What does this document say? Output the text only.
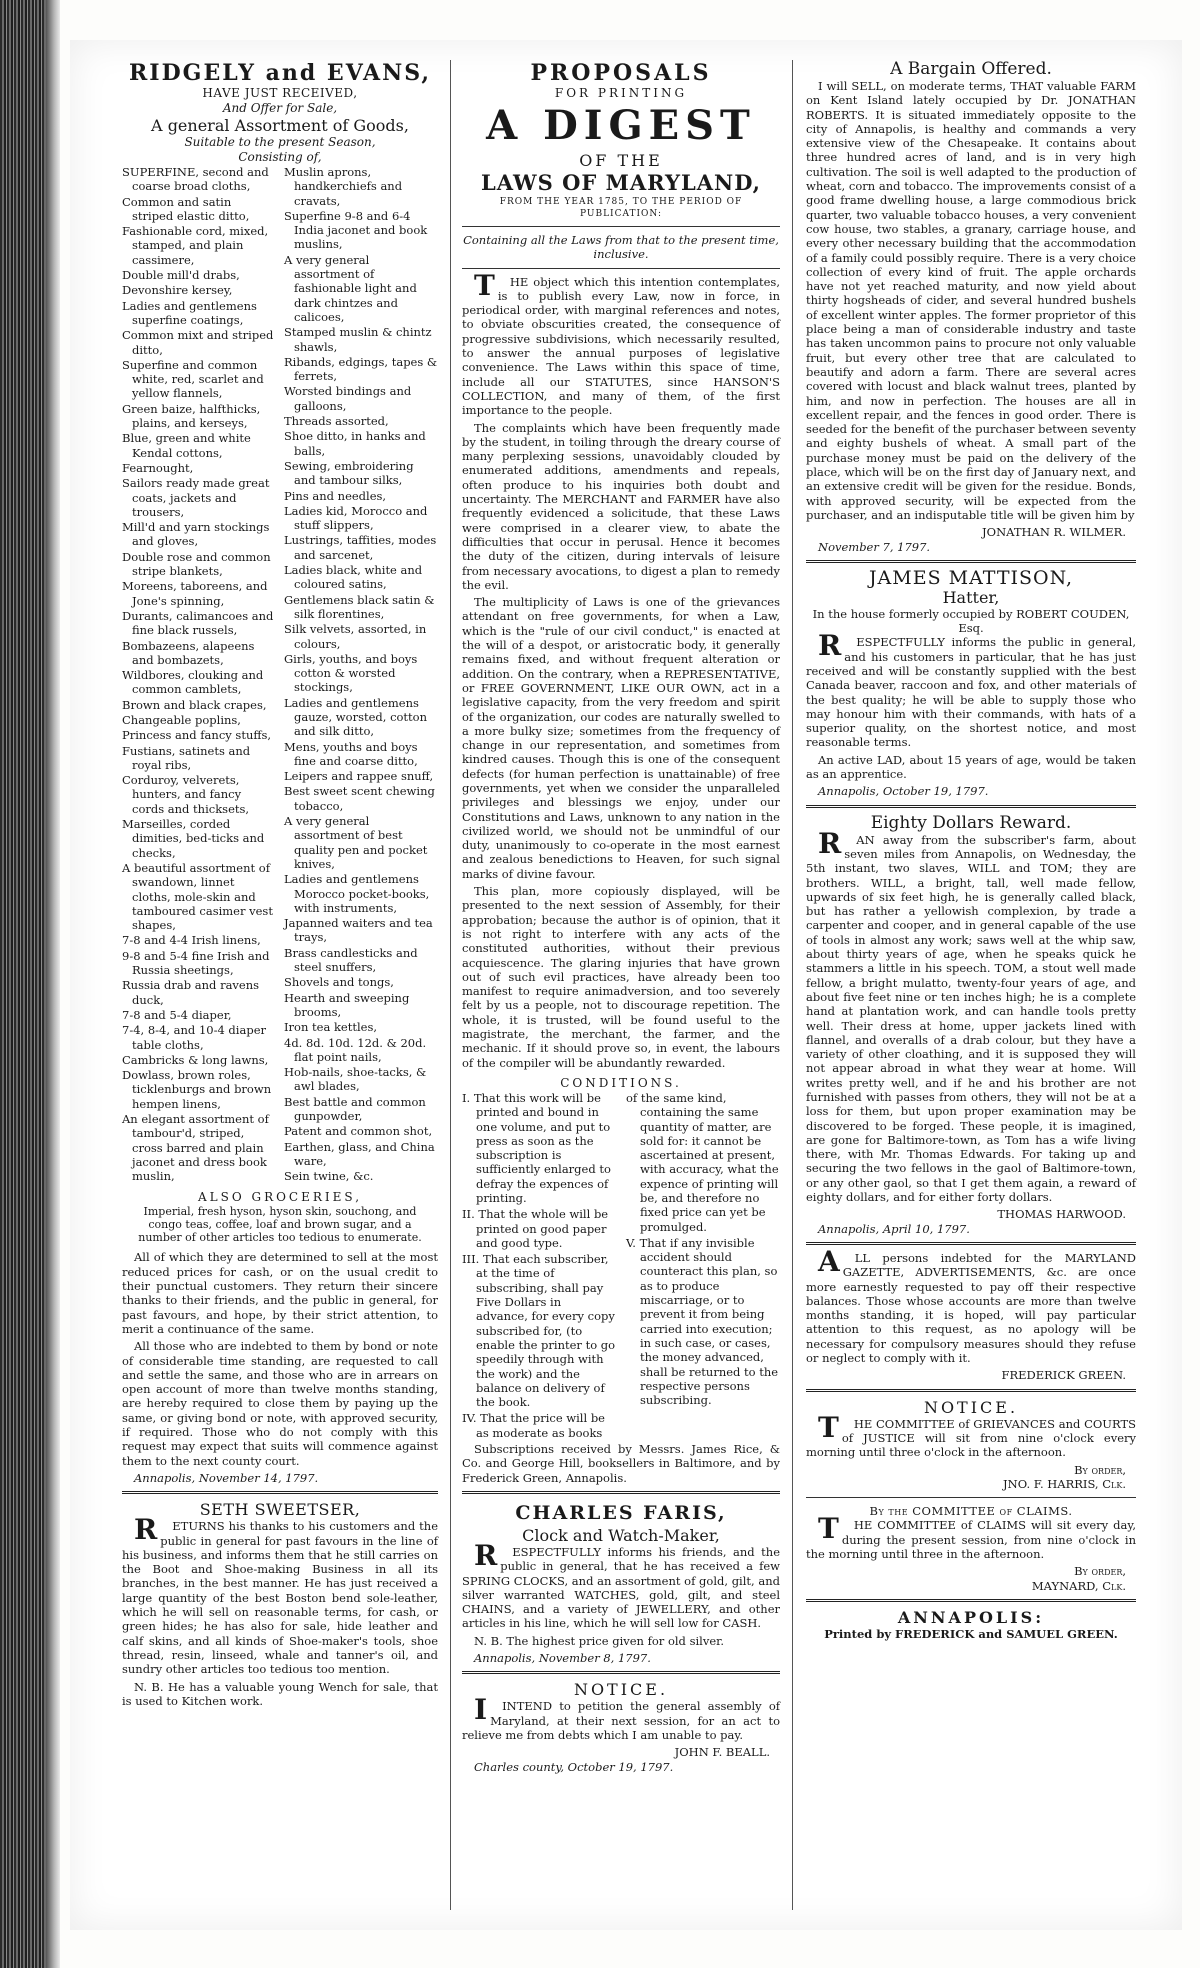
RIDGELY and EVANS,
HAVE JUST RECEIVED,
And Offer for Sale,
A general Assortment of Goods,
Suitable to the present Season,
Consisting of,
SUPERFINE, second and coarse broad cloths,
Common and satin striped elastic ditto,
Fashionable cord, mixed, stamped, and plain cassimere,
Double mill'd drabs,
Devonshire kersey,
Ladies and gentlemens superfine coatings,
Common mixt and striped ditto,
Superfine and common white, red, scarlet and yellow flannels,
Green baize, halfthicks, plains, and kerseys,
Blue, green and white Kendal cottons,
Fearnought,
Sailors ready made great coats, jackets and trousers,
Mill'd and yarn stockings and gloves,
Double rose and common stripe blankets,
Moreens, taboreens, and Jone's spinning,
Durants, calimancoes and fine black russels,
Bombazeens, alapeens and bombazets,
Wildbores, clouking and common camblets,
Brown and black crapes,
Changeable poplins,
Princess and fancy stuffs,
Fustians, satinets and royal ribs,
Corduroy, velverets, hunters, and fancy cords and thicksets,
Marseilles, corded dimities, bed-ticks and checks,
A beautiful assortment of swandown, linnet cloths, mole-skin and tamboured casimer vest shapes,
7-8 and 4-4 Irish linens,
9-8 and 5-4 fine Irish and Russia sheetings,
Russia drab and ravens duck,
7-8 and 5-4 diaper,
7-4, 8-4, and 10-4 diaper table cloths,
Cambricks & long lawns,
Dowlass, brown roles, ticklenburgs and brown hempen linens,
An elegant assortment of tambour'd, striped, cross barred and plain jaconet and dress book muslin,
Muslin aprons, handkerchiefs and cravats,
Superfine 9-8 and 6-4 India jaconet and book muslins,
A very general assortment of fashionable light and dark chintzes and calicoes,
Stamped muslin & chintz shawls,
Ribands, edgings, tapes & ferrets,
Worsted bindings and galloons,
Threads assorted,
Shoe ditto, in hanks and balls,
Sewing, embroidering and tambour silks,
Pins and needles,
Ladies kid, Morocco and stuff slippers,
Lustrings, taffities, modes and sarcenet,
Ladies black, white and coloured satins,
Gentlemens black satin & silk florentines,
Silk velvets, assorted, in colours,
Girls, youths, and boys cotton & worsted stockings,
Ladies and gentlemens gauze, worsted, cotton and silk ditto,
Mens, youths and boys fine and coarse ditto,
Leipers and rappee snuff,
Best sweet scent chewing tobacco,
A very general assortment of best quality pen and pocket knives,
Ladies and gentlemens Morocco pocket-books, with instruments,
Japanned waiters and tea trays,
Brass candlesticks and steel snuffers,
Shovels and tongs,
Hearth and sweeping brooms,
Iron tea kettles,
4d. 8d. 10d. 12d. & 20d. flat point nails,
Hob-nails, shoe-tacks, & awl blades,
Best battle and common gunpowder,
Patent and common shot,
Earthen, glass, and China ware,
Sein twine, &c.
ALSO GROCERIES,
Imperial, fresh hyson, hyson skin, souchong, and congo teas, coffee, loaf and brown sugar, and a number of other articles too tedious to enumerate.

All of which they are determined to sell at the most reduced prices for cash, or on the usual credit to their punctual customers. They return their sincere thanks to their friends, and the public in general, for past favours, and hope, by their strict attention, to merit a continuance of the same.

All those who are indebted to them by bond or note of considerable time standing, are requested to call and settle the same, and those who are in arrears on open account of more than twelve months standing, are hereby required to close them by paying up the same, or giving bond or note, with approved security, if required. Those who do not comply with this request may expect that suits will commence against them to the next county court.

Annapolis, November 14, 1797.
SETH SWEETSER,

RETURNS his thanks to his customers and the public in general for past favours in the line of his business, and informs them that he still carries on the Boot and Shoe-making Business in all its branches, in the best manner. He has just received a large quantity of the best Boston bend sole-leather, which he will sell on reasonable terms, for cash, or green hides; he has also for sale, hide leather and calf skins, and all kinds of Shoe-maker's tools, shoe thread, resin, linseed, whale and tanner's oil, and sundry other articles too tedious too mention.

N. B. He has a valuable young Wench for sale, that is used to Kitchen work.

PROPOSALS
FOR PRINTING
A DIGEST
OF THE
LAWS OF MARYLAND,
FROM THE YEAR 1785, TO THE PERIOD OF PUBLICATION:
Containing all the Laws from that to the present time, inclusive.

THE object which this intention contemplates, is to publish every Law, now in force, in periodical order, with marginal references and notes, to obviate obscurities created, the consequence of progressive subdivisions, which necessarily resulted, to answer the annual purposes of legislative convenience. The Laws within this space of time, include all our STATUTES, since HANSON'S COLLECTION, and many of them, of the first importance to the people.

The complaints which have been frequently made by the student, in toiling through the dreary course of many perplexing sessions, unavoidably clouded by enumerated additions, amendments and repeals, often produce to his inquiries both doubt and uncertainty. The MERCHANT and FARMER have also frequently evidenced a solicitude, that these Laws were comprised in a clearer view, to abate the difficulties that occur in perusal. Hence it becomes the duty of the citizen, during intervals of leisure from necessary avocations, to digest a plan to remedy the evil.

The multiplicity of Laws is one of the grievances attendant on free governments, for when a Law, which is the "rule of our civil conduct," is enacted at the will of a despot, or aristocratic body, it generally remains fixed, and without frequent alteration or addition. On the contrary, when a REPRESENTATIVE, or FREE GOVERNMENT, LIKE OUR OWN, act in a legislative capacity, from the very freedom and spirit of the organization, our codes are naturally swelled to a more bulky size; sometimes from the frequency of change in our representation, and sometimes from kindred causes. Though this is one of the consequent defects (for human perfection is unattainable) of free governments, yet when we consider the unparalleled privileges and blessings we enjoy, under our Constitutions and Laws, unknown to any nation in the civilized world, we should not be unmindful of our duty, unanimously to co-operate in the most earnest and zealous benedictions to Heaven, for such signal marks of divine favour.

This plan, more copiously displayed, will be presented to the next session of Assembly, for their approbation; because the author is of opinion, that it is not right to interfere with any acts of the constituted authorities, without their previous acquiescence. The glaring injuries that have grown out of such evil practices, have already been too manifest to require animadversion, and too severely felt by us a people, not to discourage repetition. The whole, it is trusted, will be found useful to the magistrate, the merchant, the farmer, and the mechanic. If it should prove so, in event, the labours of the compiler will be abundantly rewarded.

CONDITIONS.

I. That this work will be printed and bound in one volume, and put to press as soon as the subscription is sufficiently enlarged to defray the expences of printing.

II. That the whole will be printed on good paper and good type.

III. That each subscriber, at the time of subscribing, shall pay Five Dollars in advance, for every copy subscribed for, (to enable the printer to go speedily through with the work) and the balance on delivery of the book.

IV. That the price will be as moderate as books

of the same kind, containing the same quantity of matter, are sold for: it cannot be ascertained at present, with accuracy, what the expence of printing will be, and therefore no fixed price can yet be promulged.

V. That if any invisible accident should counteract this plan, so as to produce miscarriage, or to prevent it from being carried into execution; in such case, or cases, the money advanced, shall be returned to the respective persons subscribing.

Subscriptions received by Messrs. James Rice, & Co. and George Hill, booksellers in Baltimore, and by Frederick Green, Annapolis.

CHARLES FARIS,
Clock and Watch-Maker,

RESPECTFULLY informs his friends, and the public in general, that he has received a few SPRING CLOCKS, and an assortment of gold, gilt, and silver warranted WATCHES, gold, gilt, and steel CHAINS, and a variety of JEWELLERY, and other articles in his line, which he will sell low for CASH.

N. B. The highest price given for old silver.

Annapolis, November 8, 1797.
NOTICE.

IINTEND to petition the general assembly of Maryland, at their next session, for an act to relieve me from debts which I am unable to pay.

JOHN F. BEALL.
Charles county, October 19, 1797.
A Bargain Offered.

I will SELL, on moderate terms, THAT valuable FARM on Kent Island lately occupied by Dr. JONATHAN ROBERTS. It is situated immediately opposite to the city of Annapolis, is healthy and commands a very extensive view of the Chesapeake. It contains about three hundred acres of land, and is in very high cultivation. The soil is well adapted to the production of wheat, corn and tobacco. The improvements consist of a good frame dwelling house, a large commodious brick quarter, two valuable tobacco houses, a very convenient cow house, two stables, a granary, carriage house, and every other necessary building that the accommodation of a family could possibly require. There is a very choice collection of every kind of fruit. The apple orchards have not yet reached maturity, and now yield about thirty hogsheads of cider, and several hundred bushels of excellent winter apples. The former proprietor of this place being a man of considerable industry and taste has taken uncommon pains to procure not only valuable fruit, but every other tree that are calculated to beautify and adorn a farm. There are several acres covered with locust and black walnut trees, planted by him, and now in perfection. The houses are all in excellent repair, and the fences in good order. There is seeded for the benefit of the purchaser between seventy and eighty bushels of wheat. A small part of the purchase money must be paid on the delivery of the place, which will be on the first day of January next, and an extensive credit will be given for the residue. Bonds, with approved security, will be expected from the purchaser, and an indisputable title will be given him by

JONATHAN R. WILMER.
November 7, 1797.
JAMES MATTISON,
Hatter,
In the house formerly occupied by ROBERT COUDEN, Esq.

RESPECTFULLY informs the public in general, and his customers in particular, that he has just received and will be constantly supplied with the best Canada beaver, raccoon and fox, and other materials of the best quality; he will be able to supply those who may honour him with their commands, with hats of a superior quality, on the shortest notice, and most reasonable terms.

An active LAD, about 15 years of age, would be taken as an apprentice.

Annapolis, October 19, 1797.
Eighty Dollars Reward.

RAN away from the subscriber's farm, about seven miles from Annapolis, on Wednesday, the 5th instant, two slaves, WILL and TOM; they are brothers. WILL, a bright, tall, well made fellow, upwards of six feet high, he is generally called black, but has rather a yellowish complexion, by trade a carpenter and cooper, and in general capable of the use of tools in almost any work; saws well at the whip saw, about thirty years of age, when he speaks quick he stammers a little in his speech. TOM, a stout well made fellow, a bright mulatto, twenty-four years of age, and about five feet nine or ten inches high; he is a complete hand at plantation work, and can handle tools pretty well. Their dress at home, upper jackets lined with flannel, and overalls of a drab colour, but they have a variety of other cloathing, and it is supposed they will not appear abroad in what they wear at home. Will writes pretty well, and if he and his brother are not furnished with passes from others, they will not be at a loss for them, but upon proper examination may be discovered to be forged. These people, it is imagined, are gone for Baltimore-town, as Tom has a wife living there, with Mr. Thomas Edwards. For taking up and securing the two fellows in the gaol of Baltimore-town, or any other gaol, so that I get them again, a reward of eighty dollars, and for either forty dollars.

THOMAS HARWOOD.
Annapolis, April 10, 1797.

ALL persons indebted for the MARYLAND GAZETTE, ADVERTISEMENTS, &c. are once more earnestly requested to pay off their respective balances. Those whose accounts are more than twelve months standing, it is hoped, will pay particular attention to this request, as no apology will be necessary for compulsory measures should they refuse or neglect to comply with it.

FREDERICK GREEN.
NOTICE.

THE COMMITTEE of GRIEVANCES and COURTS of JUSTICE will sit from nine o'clock every morning until three o'clock in the afternoon.

By order,
JNO. F. HARRIS, Clk.
By the COMMITTEE of CLAIMS.

THE COMMITTEE of CLAIMS will sit every day, during the present session, from nine o'clock in the morning until three in the afternoon.

By order,
MAYNARD, Clk.
ANNAPOLIS:
Printed by FREDERICK and SAMUEL GREEN.
